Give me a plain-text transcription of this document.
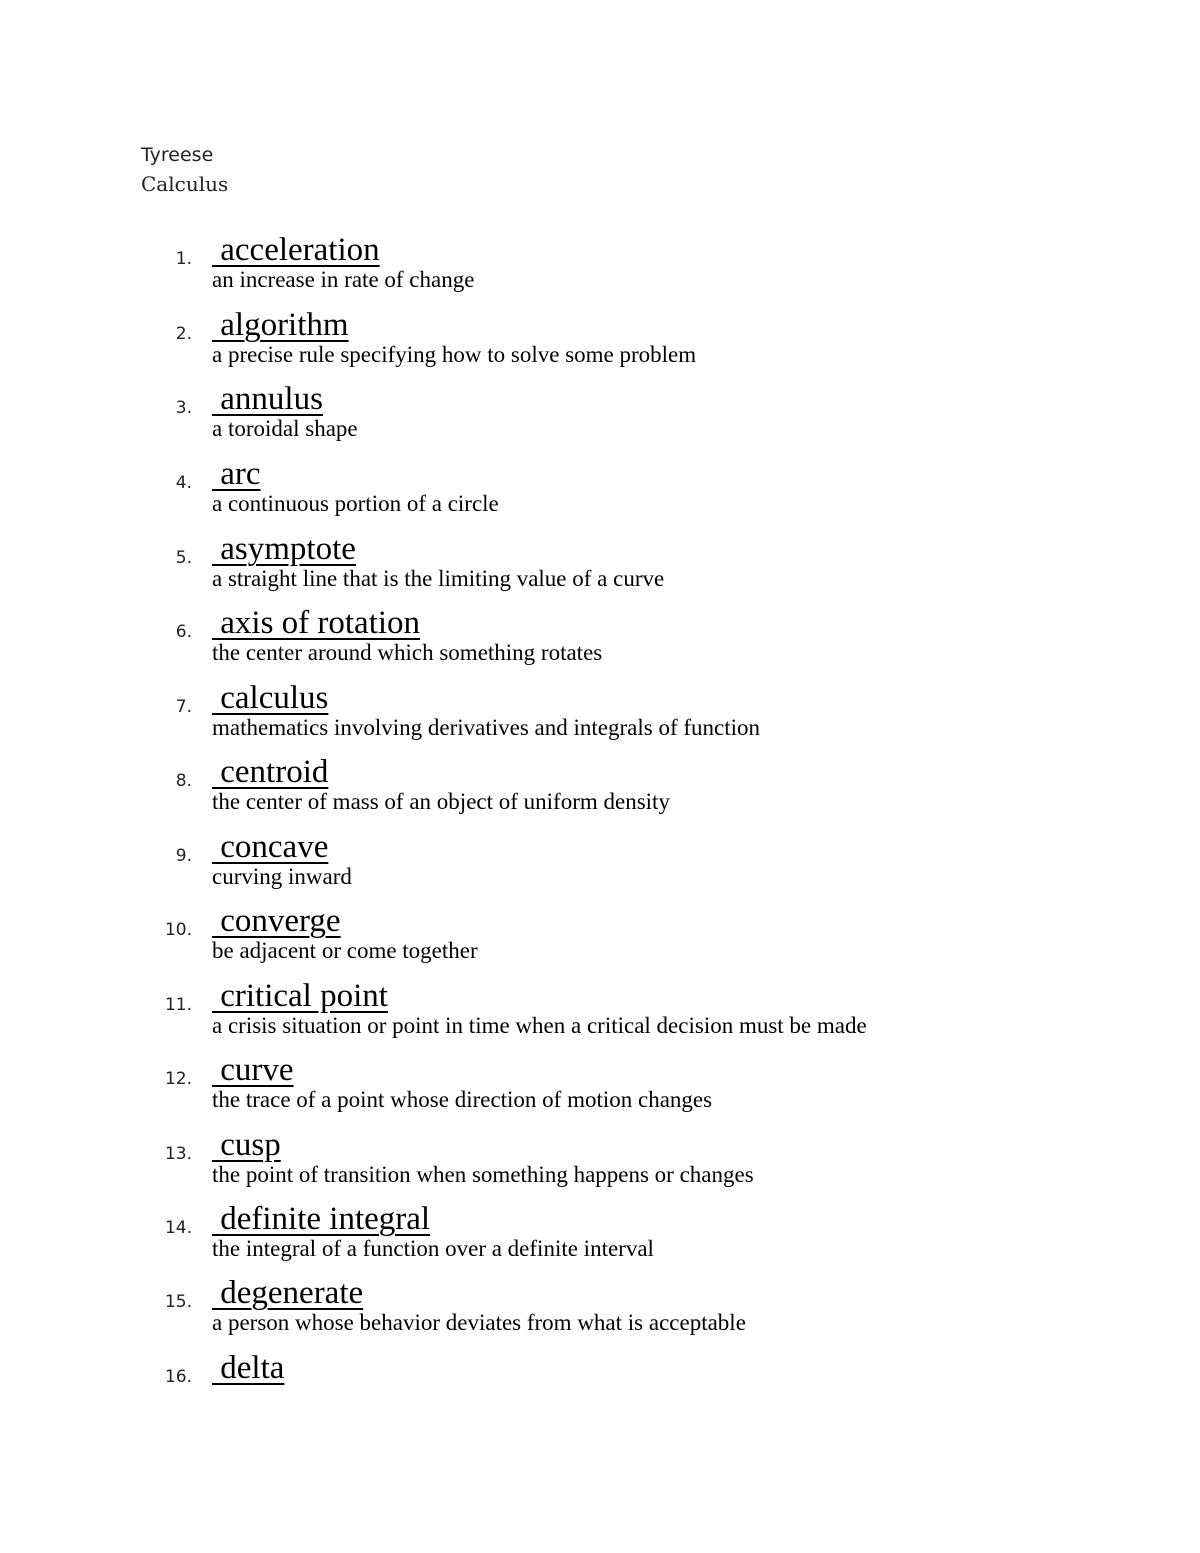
Tyreese
Calculus
1. acceleration
an increase in rate of change
2. algorithm
a precise rule specifying how to solve some problem
3. annulus
a toroidal shape
4. arc
a continuous portion of a circle
5. asymptote
a straight line that is the limiting value of a curve
6. axis of rotation
the center around which something rotates
7. calculus
mathematics involving derivatives and integrals of function
8. centroid
the center of mass of an object of uniform density
9. concave
curving inward
10. converge
be adjacent or come together
11. critical point
a crisis situation or point in time when a critical decision must be made
12. curve
the trace of a point whose direction of motion changes
13. cusp
the point of transition when something happens or changes
14. definite integral
the integral of a function over a definite interval
15. degenerate
a person whose behavior deviates from what is acceptable
16. delta
